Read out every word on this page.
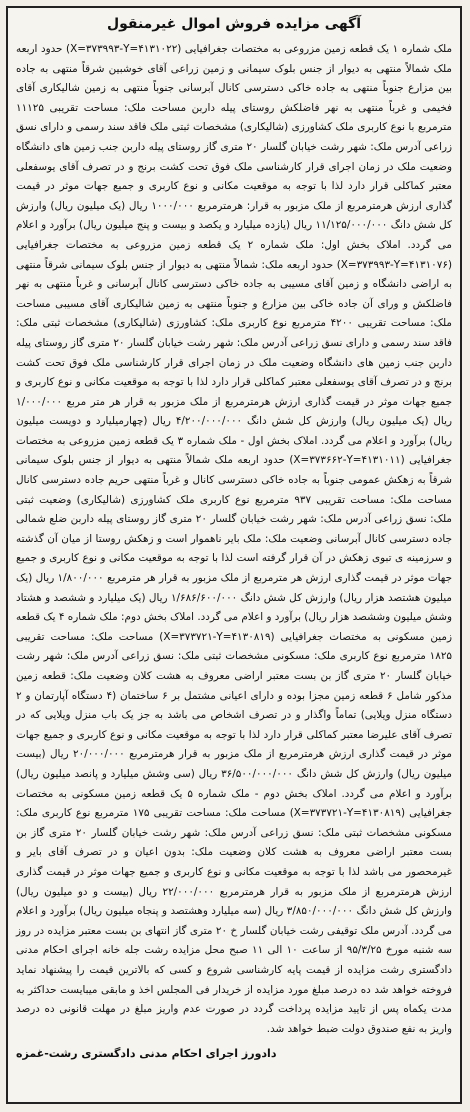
آگهی مزایده فروش اموال غیرمنقول

ملک شماره ۱ یک قطعه زمین مزروعی به مختصات جغرافیایی (X=۳۷۳۹۹۳-Y=۴۱۳۱۰۲۲) حدود اربعه ملک شمالاً منتهی به دیوار از جنس بلوک سیمانی و زمین زراعی آقای خوشبین شرقاً منتهی به جاده بین مزارع جنوباً منتهی به جاده خاکی دسترسی کانال آبرسانی جنوباً منتهی به زمین شالیکاری آقای فخیمی و غرباً منتهی به نهر فاضلکش روستای پیله داربن مساحت ملک: مساحت تقریبی ۱۱۱۲۵ مترمربع با نوع کاربری ملک کشاورزی (شالیکاری) مشخصات ثبتی ملک فاقد سند رسمی و دارای نسق زراعی آدرس ملک: شهر رشت خیابان گلسار ۲۰ متری گاز روستای پیله داربن جنب زمین های دانشگاه وضعیت ملک در زمان اجرای قرار کارشناسی ملک فوق تحت کشت برنج و در تصرف آقای یوسفعلی معتبر کماکلی قرار دارد لذا با توجه به موقعیت مکانی و نوع کاربری و جمیع جهات موثر در قیمت گذاری ارزش هرمترمربع از ملک مزبور به قرار: هرمترمربع ۱۰۰۰/۰۰۰ ریال (یک میلیون ریال) وارزش کل شش دانگ ۱۱/۱۲۵/۰۰۰/۰۰۰ ریال (یازده میلیارد و یکصد و بیست و پنج میلیون ریال) برآورد و اعلام می گردد. املاک بخش اول: ملک شماره ۲ یک قطعه زمین مزروعی به مختصات جغرافیایی (X=۳۷۳۹۹۳-Y=۴۱۳۱۰۷۶) حدود اربعه ملک: شمالاً منتهی به دیوار از جنس بلوک سیمانی شرقاً منتهی به اراضی دانشگاه و زمین آقای مسیبی به جاده خاکی دسترسی کانال آبرسانی و غرباً منتهی به نهر فاضلکش و ورای آن جاده خاکی بین مزارع و جنوباً منتهی به زمین شالیکاری آقای مسیبی مساحت ملک: مساحت تقریبی ۴۲۰۰ مترمربع نوع کاربری ملک: کشاورزی (شالیکاری) مشخصات ثبتی ملک: فاقد سند رسمی و دارای نسق زراعی آدرس ملک: شهر رشت خیابان گلسار ۲۰ متری گاز روستای پیله داربن جنب زمین های دانشگاه وضعیت ملک در زمان اجرای قرار کارشناسی ملک فوق تحت کشت برنج و در تصرف آقای یوسفعلی معتبر کماکلی قرار دارد لذا با توجه به موقعیت مکانی و نوع کاربری و جمیع جهات موثر در قیمت گذاری ارزش هرمترمربع از ملک مزبور به قرار هر متر مربع ۱/۰۰۰/۰۰۰ ریال (یک میلیون ریال) وارزش کل شش دانگ ۴/۲۰۰/۰۰۰/۰۰۰ ریال (چهارمیلیارد و دویست میلیون ریال) برآورد و اعلام می گردد. املاک بخش اول - ملک شماره ۳ یک قطعه زمین مزروعی به مختصات جغرافیایی (X=۳۷۳۶۶۲-Y=۴۱۳۱۰۱۱) حدود اربعه ملک شمالاً منتهی به دیوار از جنس بلوک سیمانی شرقاً به زهکش عمومی جنوباً به جاده خاکی دسترسی کانال و غرباً منتهی حریم جاده دسترسی کانال مساحت ملک: مساحت تقریبی ۹۳۷ مترمربع نوع کاربری ملک کشاورزی (شالیکاری) وضعیت ثبتی ملک: نسق زراعی آدرس ملک: شهر رشت خیابان گلسار ۲۰ متری گاز روستای پیله داربن ضلع شمالی جاده دسترسی کانال آبرسانی وضعیت ملک: ملک بایر ناهموار است و زهکش روستا از میان آن گذشته و سرزمینه ی تبوی زهکش در آن قرار گرفته است لذا با توجه به موقعیت مکانی و نوع کاربری و جمیع جهات موثر در قیمت گذاری ارزش هر مترمربع از ملک مزبور به قرار هر مترمربع ۱/۸۰۰/۰۰۰ ریال (یک میلیون هشتصد هزار ریال) وارزش کل شش دانگ ۱/۶۸۶/۶۰۰/۰۰۰ ریال (یک میلیارد و ششصد و هشتاد وشش میلیون وششصد هزار ریال) برآورد و اعلام می گردد. املاک بخش دوم: ملک شماره ۴ یک قطعه زمین مسکونی به مختصات جغرافیایی (X=۳۷۳۷۲۱-Y=۴۱۳۰۸۱۹) مساحت ملک: مساحت تقریبی ۱۸۲۵ مترمربع نوع کاربری ملک: مسکونی مشخصات ثبتی ملک: نسق زراعی آدرس ملک: شهر رشت خیابان گلسار ۲۰ متری گاز بن بست معتبر اراضی معروف به هشت کلان وضعیت ملک: قطعه زمین مذکور شامل ۶ قطعه زمین مجزا بوده و دارای اعیانی مشتمل بر ۶ ساختمان (۴ دستگاه آپارتمان و ۲ دستگاه منزل ویلایی) تماماً واگذار و در تصرف اشخاص می باشد به جز یک باب منزل ویلایی که در تصرف آقای علیرضا معتبر کماکلی قرار دارد لذا با توجه به موقعیت مکانی و نوع کاربری و جمیع جهات موثر در قیمت گذاری ارزش هرمترمربع از ملک مزبور به قرار هرمترمربع ۲۰/۰۰۰/۰۰۰ ریال (بیست میلیون ریال) وارزش کل شش دانگ ۳۶/۵۰۰/۰۰۰/۰۰۰ ریال (سی وشش میلیارد و پانصد میلیون ریال) برآورد و اعلام می گردد. املاک بخش دوم - ملک شماره ۵ یک قطعه زمین مسکونی به مختصات جغرافیایی (X=۳۷۳۷۲۱-Y=۴۱۳۰۸۱۹) مساحت ملک: مساحت تقریبی ۱۷۵ مترمربع نوع کاربری ملک: مسکونی مشخصات ثبتی ملک: نسق زراعی آدرس ملک: شهر رشت خیابان گلسار ۲۰ متری گاز بن بست معتبر اراضی معروف به هشت کلان وضعیت ملک: بدون اعیان و در تصرف آقای بایر و غیرمحصور می باشد لذا با توجه به موقعیت مکانی و نوع کاربری و جمیع جهات موثر در قیمت گذاری ارزش هرمترمربع از ملک مزبور به قرار هرمترمربع ۲۲/۰۰۰/۰۰۰ ریال (بیست و دو میلیون ریال) وارزش کل شش دانگ ۳/۸۵۰/۰۰۰/۰۰۰ ریال (سه میلیارد وهشتصد و پنجاه میلیون ریال) برآورد و اعلام می گردد. آدرس ملک توقیفی رشت خیابان گلسار خ ۲۰ متری گاز انتهای بن بست معتبر مزایده در روز سه شنبه مورخ ۹۵/۳/۲۵ از ساعت ۱۰ الی ۱۱ صبح محل مزایده رشت جله خانه اجرای احکام مدنی دادگستری رشت مزایده از قیمت پایه کارشناسی شروع و کسی که بالاترین قیمت را پیشنهاد نماید فروخته خواهد شد ده درصد مبلغ مورد مزایده از خریدار فی المجلس اخذ و مابقی میبایست حداکثر به مدت یکماه پس از تایید مزایده پرداخت گردد در صورت عدم واریز مبلغ در مهلت قانونی ده درصد واریز به نفع صندوق دولت ضبط خواهد شد.

دادورز اجرای احکام مدنی دادگستری رشت-غمزه
